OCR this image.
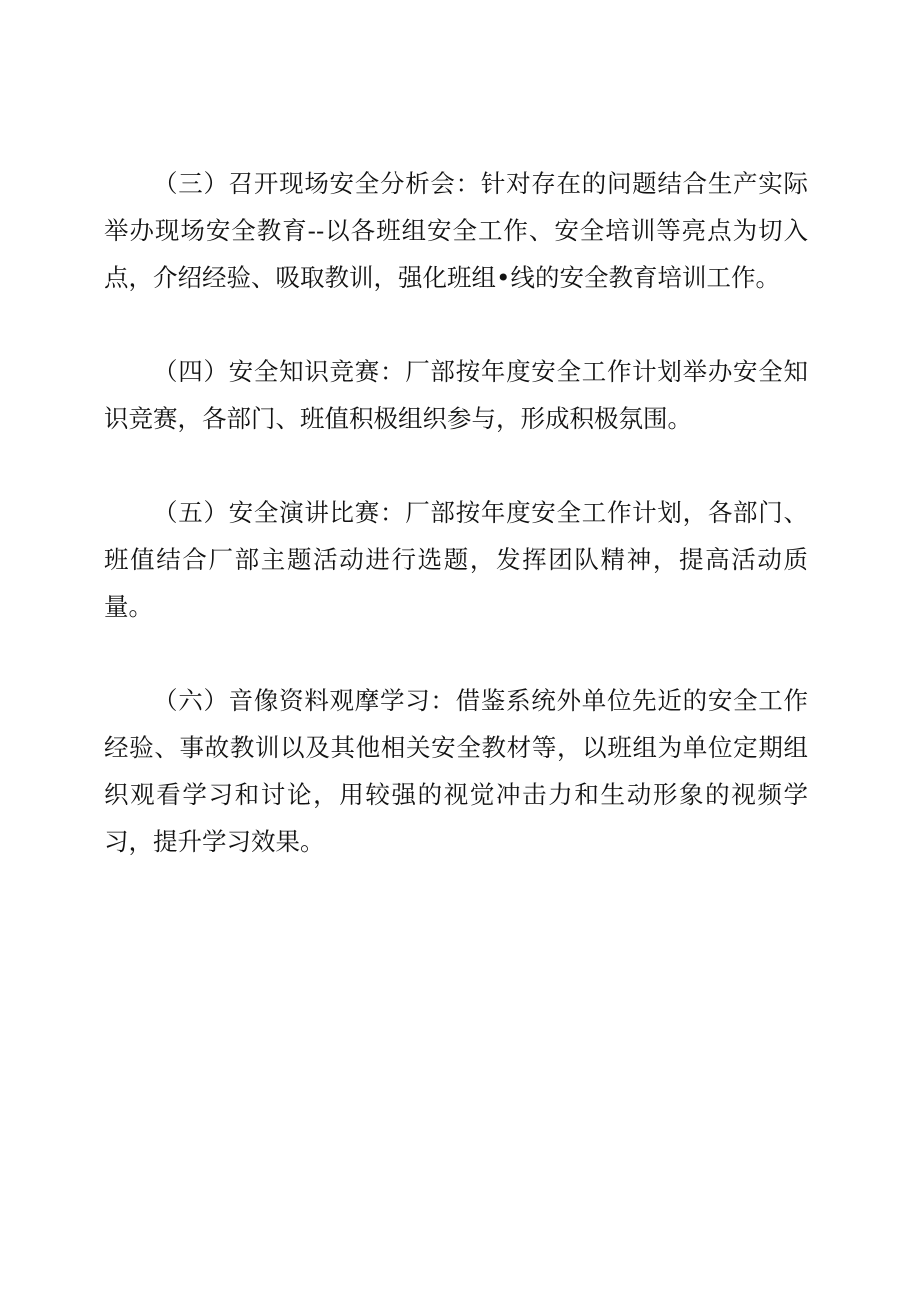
（三）召开现场安全分析会：针对存在的问题结合生产实际举办现场安全教育--以各班组安全工作、安全培训等亮点为切入点，介绍经验、吸取教训，强化班组•线的安全教育培训工作。

（四）安全知识竞赛：厂部按年度安全工作计划举办安全知识竞赛，各部门、班值积极组织参与，形成积极氛围。

（五）安全演讲比赛：厂部按年度安全工作计划，各部门、班值结合厂部主题活动进行选题，发挥团队精神，提高活动质量。

（六）音像资料观摩学习：借鉴系统外单位先近的安全工作经验、事故教训以及其他相关安全教材等，以班组为单位定期组织观看学习和讨论，用较强的视觉冲击力和生动形象的视频学习，提升学习效果。
